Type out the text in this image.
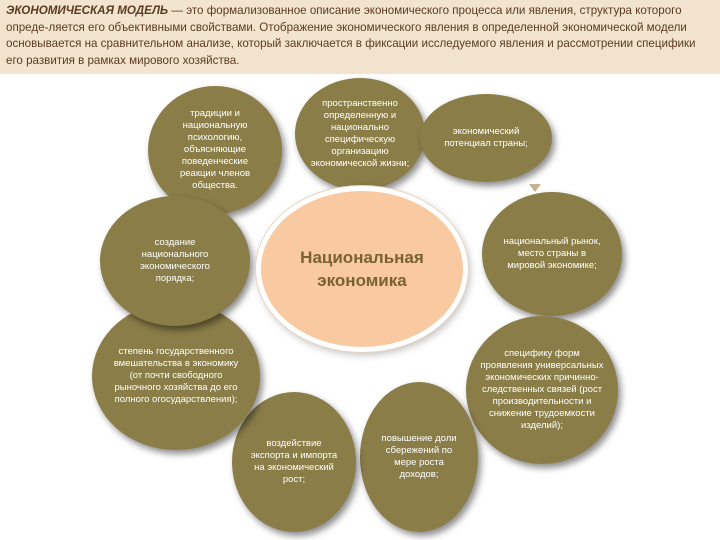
ЭКОНОМИЧЕСКАЯ МОДЕЛЬ — это формализованное описание экономического процесса или явления, структура которого опреде-ляется его объективными свойствами. Отображение экономического явления в определенной экономической модели основывается на сравнительном анализе, который заключается в фиксации исследуемого явления и рассмотрении специфики его развития в рамках мирового хозяйства.
традиции и национальную психологию, объясняющие поведенческие реакции членов общества.
пространственно определенную и национально специфическую организацию экономической жизни;
экономический потенциал страны;
национальный рынок, место страны в мировой экономике;
специфику форм проявления универсальных экономических причинно-следственных связей (рост производительности и снижение трудоемкости изделий);
повышение доли сбережений по мере роста доходов;
воздействие экспорта и импорта на экономический рост;
степень государственного вмешательства в экономику (от почти свободного рыночного хозяйства до его полного огосударствления);
создание национального экономического порядка;
Национальная экономика
